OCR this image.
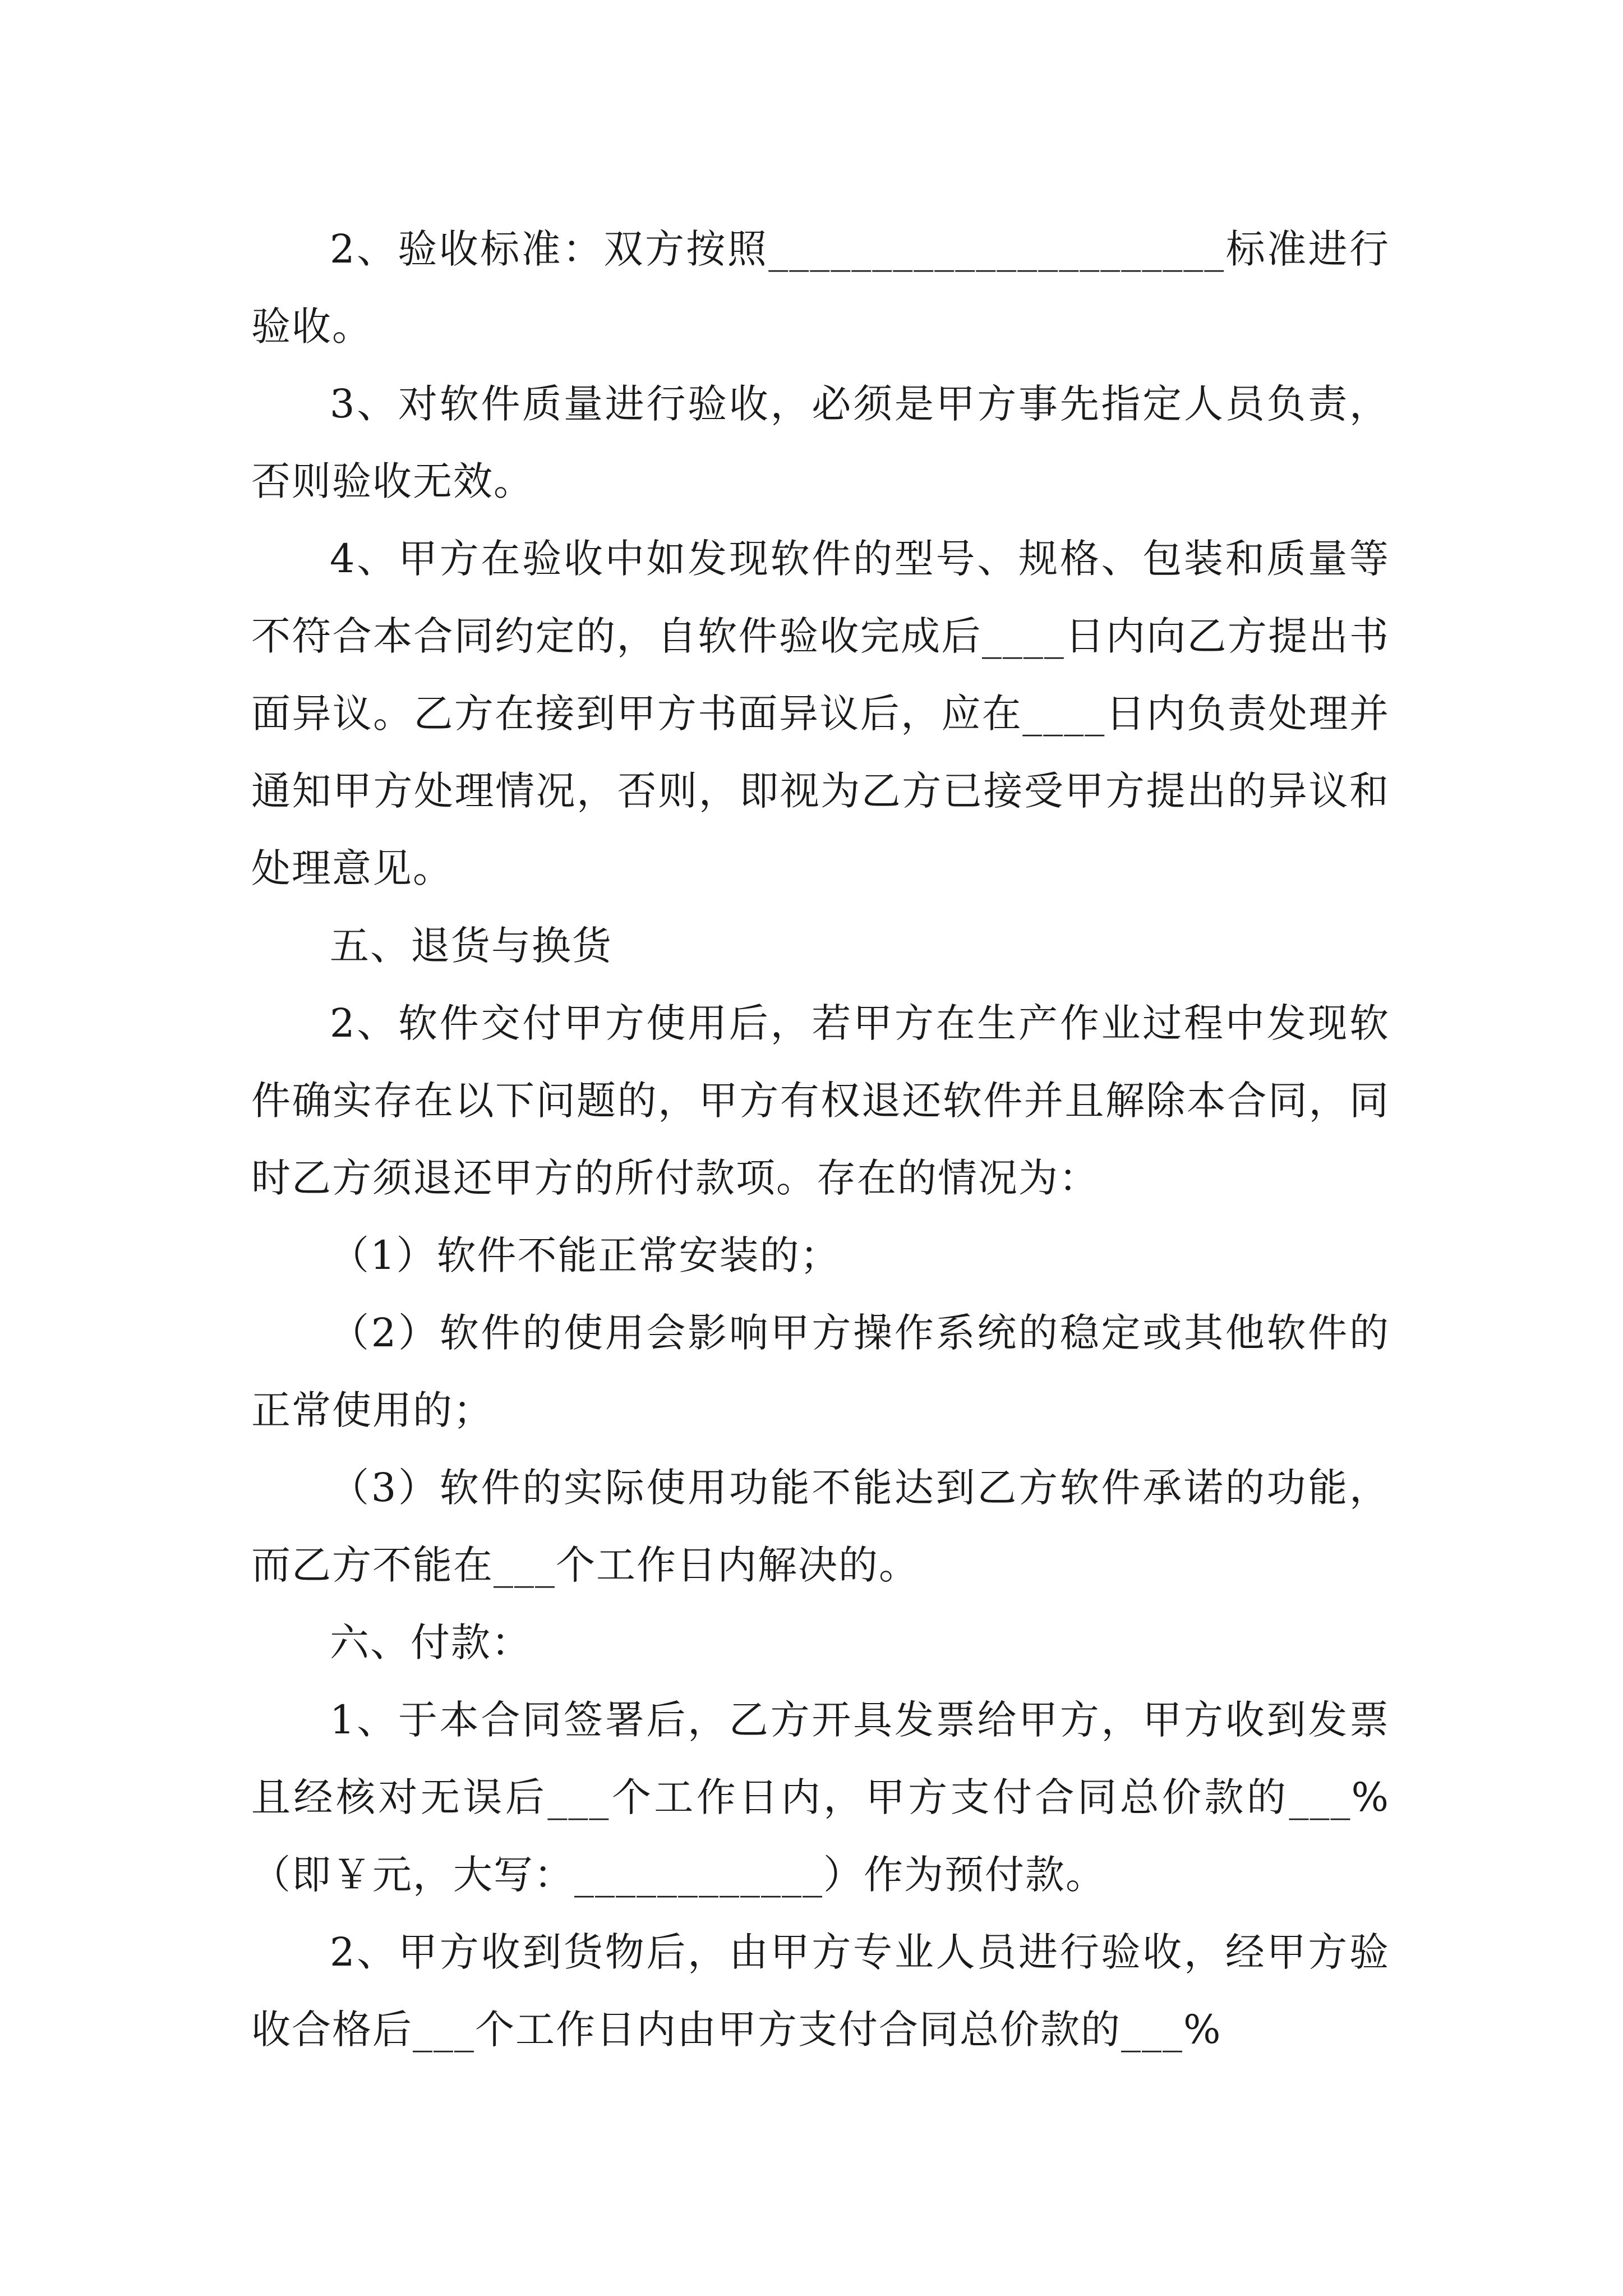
2、验收标准：双方按照______________________标准进行验收。

3、对软件质量进行验收，必须是甲方事先指定人员负责，否则验收无效。

4、甲方在验收中如发现软件的型号、规格、包装和质量等不符合本合同约定的，自软件验收完成后____日内向乙方提出书面异议。乙方在接到甲方书面异议后，应在____日内负责处理并通知甲方处理情况，否则，即视为乙方已接受甲方提出的异议和处理意见。

五、退货与换货

2、软件交付甲方使用后，若甲方在生产作业过程中发现软件确实存在以下问题的，甲方有权退还软件并且解除本合同，同时乙方须退还甲方的所付款项。存在的情况为：

（1）软件不能正常安装的；

（2）软件的使用会影响甲方操作系统的稳定或其他软件的正常使用的；

（3）软件的实际使用功能不能达到乙方软件承诺的功能，而乙方不能在___个工作日内解决的。

六、付款：

1、于本合同签署后，乙方开具发票给甲方，甲方收到发票且经核对无误后___个工作日内，甲方支付合同总价款的___%（即￥元，大写：____________）作为预付款。

2、甲方收到货物后，由甲方专业人员进行验收，经甲方验收合格后___个工作日内由甲方支付合同总价款的___%
